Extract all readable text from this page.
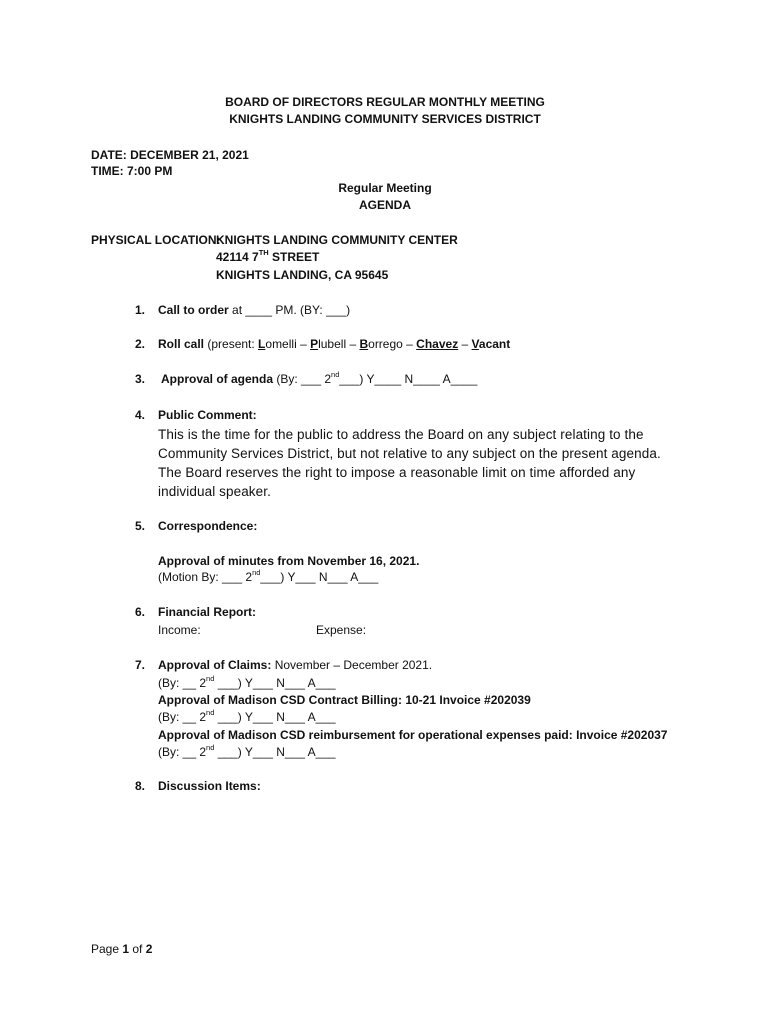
BOARD OF DIRECTORS REGULAR MONTHLY MEETING
KNIGHTS LANDING COMMUNITY SERVICES DISTRICT
DATE: DECEMBER 21, 2021
TIME: 7:00 PM
Regular Meeting
AGENDA
PHYSICAL LOCATION:
KNIGHTS LANDING COMMUNITY CENTER
42114 7TH STREET
KNIGHTS LANDING, CA 95645
1. Call to order at ____ PM. (BY: ___)
2. Roll call (present: Lomelli – Plubell – Borrego – Chavez – Vacant
3. Approval of agenda (By: ___ 2nd___) Y____ N____ A____
4. Public Comment:
This is the time for the public to address the Board on any subject relating to the
Community Services District, but not relative to any subject on the present agenda.
The Board reserves the right to impose a reasonable limit on time afforded any
individual speaker.
5. Correspondence:
Approval of minutes from November 16, 2021.
(Motion By: ___ 2nd___) Y___ N___ A___
6. Financial Report:
Income:	Expense:
7. Approval of Claims: November – December 2021.
(By: __ 2nd ___) Y___ N___ A___
Approval of Madison CSD Contract Billing: 10-21 Invoice #202039
(By: __ 2nd ___) Y___ N___ A___
Approval of Madison CSD reimbursement for operational expenses paid: Invoice #202037
(By: __ 2nd ___) Y___ N___ A___
8. Discussion Items:
Page 1 of 2
